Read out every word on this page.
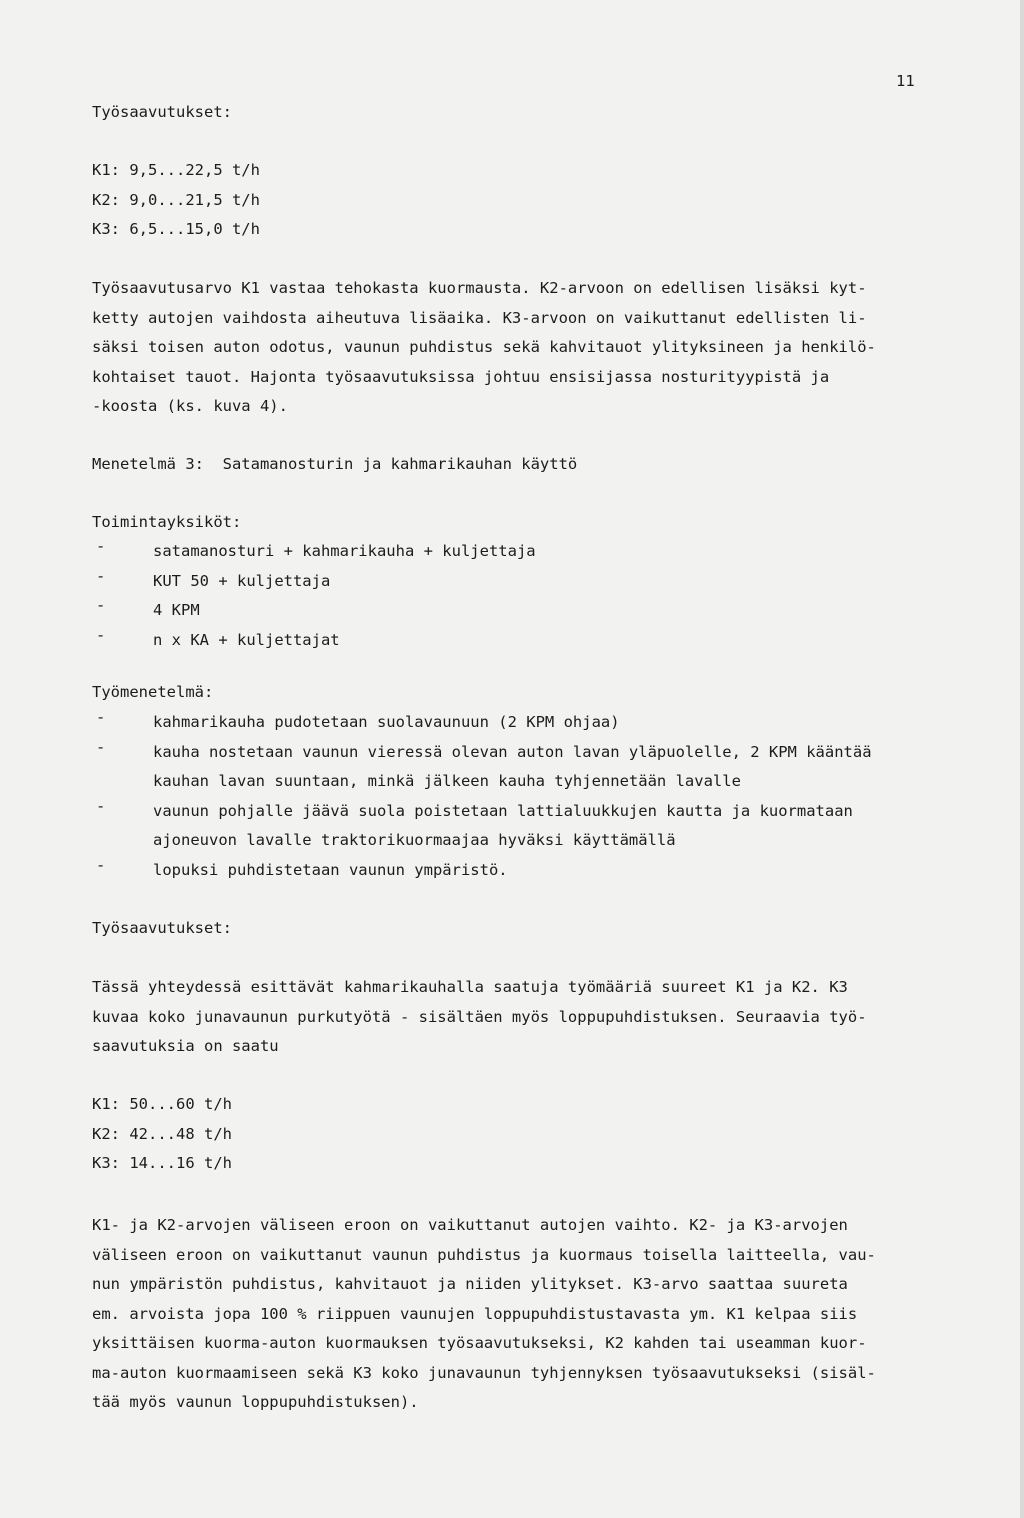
11
Työsaavutukset:
K1: 9,5...22,5 t/h
K2: 9,0...21,5 t/h
K3: 6,5...15,0 t/h
Työsaavutusarvo K1 vastaa tehokasta kuormausta. K2-arvoon on edellisen lisäksi kyt-
ketty autojen vaihdosta aiheutuva lisäaika. K3-arvoon on vaikuttanut edellisten li-
säksi toisen auton odotus, vaunun puhdistus sekä kahvitauot ylityksineen ja henkilö-
kohtaiset tauot. Hajonta työsaavutuksissa johtuu ensisijassa nosturityypistä ja
-koosta (ks. kuva 4).
Menetelmä 3:  Satamanosturin ja kahmarikauhan käyttö
Toimintayksiköt:
-	satamanosturi + kahmarikauha + kuljettaja
-	KUT 50 + kuljettaja
-	4 KPM
-	n x KA + kuljettajat
Työmenetelmä:
-	kahmarikauha pudotetaan suolavaunuun (2 KPM ohjaa)
-	kauha nostetaan vaunun vieressä olevan auton lavan yläpuolelle, 2 KPM kääntää
kauhan lavan suuntaan, minkä jälkeen kauha tyhjennetään lavalle
-	vaunun pohjalle jäävä suola poistetaan lattialuukkujen kautta ja kuormataan
ajoneuvon lavalle traktorikuormaajaa hyväksi käyttämällä
-	lopuksi puhdistetaan vaunun ympäristö.
Työsaavutukset:
Tässä yhteydessä esittävät kahmarikauhalla saatuja työmääriä suureet K1 ja K2. K3
kuvaa koko junavaunun purkutyötä - sisältäen myös loppupuhdistuksen. Seuraavia työ-
saavutuksia on saatu
K1: 50...60 t/h
K2: 42...48 t/h
K3: 14...16 t/h
K1- ja K2-arvojen väliseen eroon on vaikuttanut autojen vaihto. K2- ja K3-arvojen
väliseen eroon on vaikuttanut vaunun puhdistus ja kuormaus toisella laitteella, vau-
nun ympäristön puhdistus, kahvitauot ja niiden ylitykset. K3-arvo saattaa suureta
em. arvoista jopa 100 % riippuen vaunujen loppupuhdistustavasta ym. K1 kelpaa siis
yksittäisen kuorma-auton kuormauksen työsaavutukseksi, K2 kahden tai useamman kuor-
ma-auton kuormaamiseen sekä K3 koko junavaunun tyhjennyksen työsaavutukseksi (sisäl-
tää myös vaunun loppupuhdistuksen).
